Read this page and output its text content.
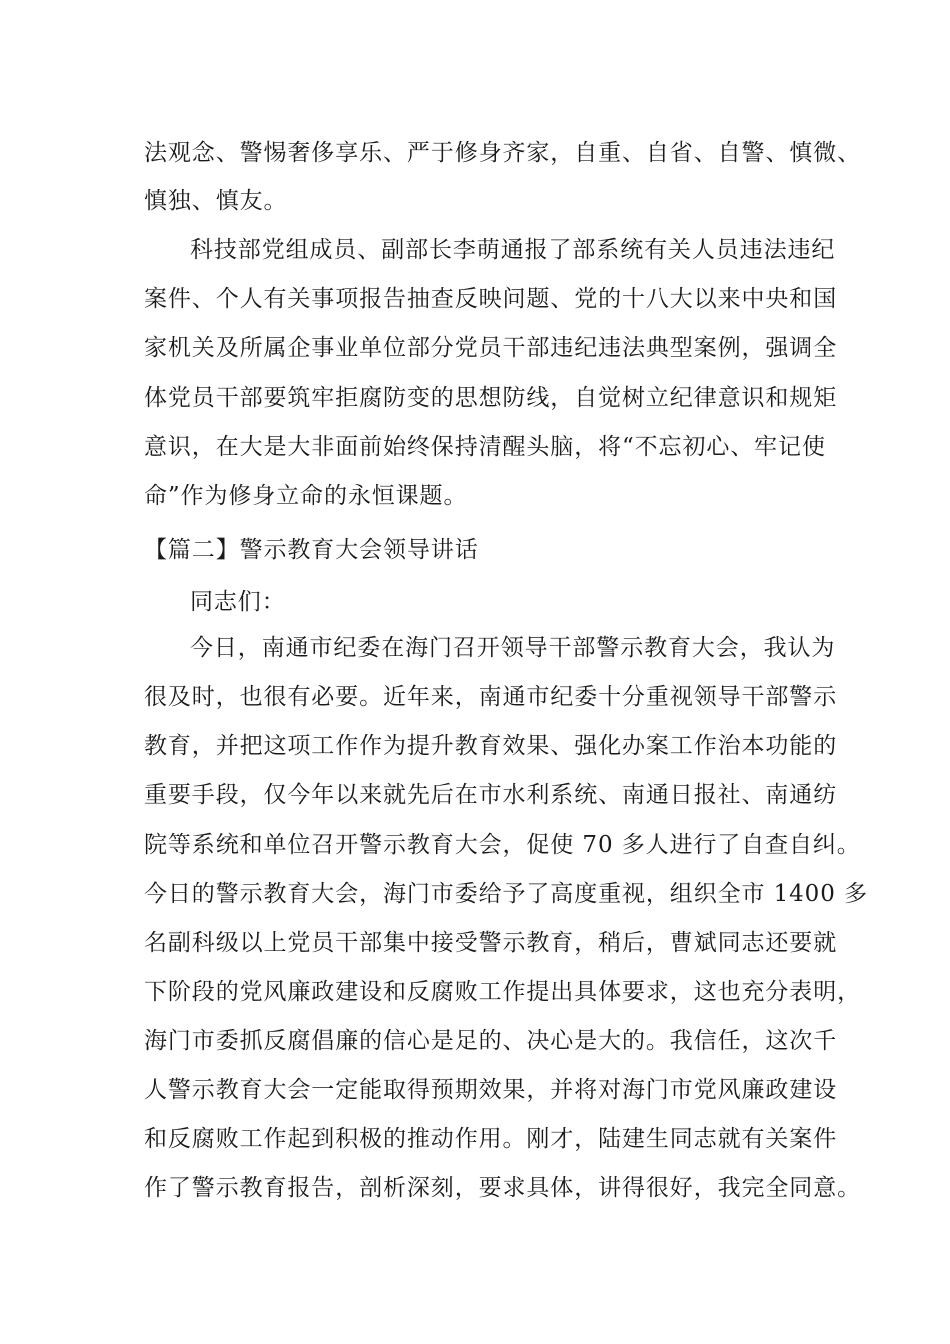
法观念、警惕奢侈享乐、严于修身齐家，自重、自省、自警、慎微、
慎独、慎友。
科技部党组成员、副部长李萌通报了部系统有关人员违法违纪
案件、个人有关事项报告抽查反映问题、党的十八大以来中央和国
家机关及所属企事业单位部分党员干部违纪违法典型案例，强调全
体党员干部要筑牢拒腐防变的思想防线，自觉树立纪律意识和规矩
意识，在大是大非面前始终保持清醒头脑，将“不忘初心、牢记使
命”作为修身立命的永恒课题。
【篇二】警示教育大会领导讲话
同志们：
今日，南通市纪委在海门召开领导干部警示教育大会，我认为
很及时，也很有必要。近年来，南通市纪委十分重视领导干部警示
教育，并把这项工作作为提升教育效果、强化办案工作治本功能的
重要手段，仅今年以来就先后在市水利系统、南通日报社、南通纺
院等系统和单位召开警示教育大会，促使 70 多人进行了自查自纠。
今日的警示教育大会，海门市委给予了高度重视，组织全市 1400 多
名副科级以上党员干部集中接受警示教育，稍后，曹斌同志还要就
下阶段的党风廉政建设和反腐败工作提出具体要求，这也充分表明，
海门市委抓反腐倡廉的信心是足的、决心是大的。我信任，这次千
人警示教育大会一定能取得预期效果，并将对海门市党风廉政建设
和反腐败工作起到积极的推动作用。刚才，陆建生同志就有关案件
作了警示教育报告，剖析深刻，要求具体，讲得很好，我完全同意。
